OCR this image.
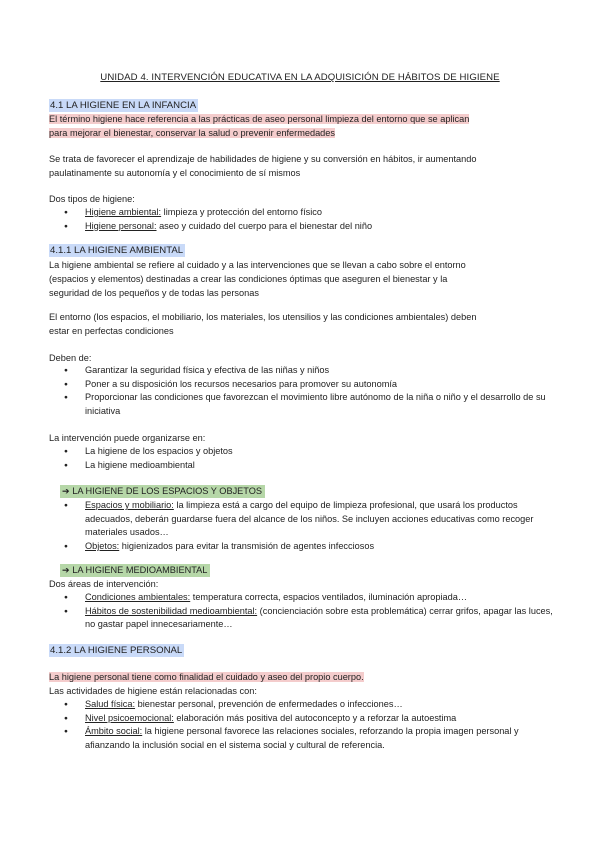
UNIDAD 4. INTERVENCIÓN EDUCATIVA EN LA ADQUISICIÓN DE HÁBITOS DE HIGIENE
4.1 LA HIGIENE EN LA INFANCIA
El término higiene hace referencia a las prácticas de aseo personal limpieza del entorno que se aplican
para mejorar el bienestar, conservar la salud o prevenir enfermedades
Se trata de favorecer el aprendizaje de habilidades de higiene y su conversión en hábitos, ir aumentando
paulatinamente su autonomía y el conocimiento de sí mismos
Dos tipos de higiene:
● Higiene ambiental: limpieza y protección del entorno físico
● Higiene personal: aseo y cuidado del cuerpo para el bienestar del niño
4.1.1 LA HIGIENE AMBIENTAL
La higiene ambiental se refiere al cuidado y a las intervenciones que se llevan a cabo sobre el entorno
(espacios y elementos) destinadas a crear las condiciones óptimas que aseguren el bienestar y la
seguridad de los pequeños y de todas las personas
El entorno (los espacios, el mobiliario, los materiales, los utensilios y las condiciones ambientales) deben
estar en perfectas condiciones
Deben de:
● Garantizar la seguridad física y efectiva de las niñas y niños
● Poner a su disposición los recursos necesarios para promover su autonomía
● Proporcionar las condiciones que favorezcan el movimiento libre autónomo de la niña o niño y el desarrollo de su iniciativa
La intervención puede organizarse en:
● La higiene de los espacios y objetos
● La higiene medioambiental
➔ LA HIGIENE DE LOS ESPACIOS Y OBJETOS
● Espacios y mobiliario: la limpieza está a cargo del equipo de limpieza profesional, que usará los productos adecuados, deberán guardarse fuera del alcance de los niños. Se incluyen acciones educativas como recoger materiales usados…
● Objetos: higienizados para evitar la transmisión de agentes infecciosos
➔ LA HIGIENE MEDIOAMBIENTAL
Dos áreas de intervención:
● Condiciones ambientales: temperatura correcta, espacios ventilados, iluminación apropiada…
● Hábitos de sostenibilidad medioambiental: (concienciación sobre esta problemática) cerrar grifos, apagar las luces, no gastar papel innecesariamente…
4.1.2 LA HIGIENE PERSONAL
La higiene personal tiene como finalidad el cuidado y aseo del propio cuerpo.
Las actividades de higiene están relacionadas con:
● Salud física: bienestar personal, prevención de enfermedades o infecciones…
● Nivel psicoemocional: elaboración más positiva del autoconcepto y a reforzar la autoestima
● Ámbito social: la higiene personal favorece las relaciones sociales, reforzando la propia imagen personal y afianzando la inclusión social en el sistema social y cultural de referencia.
